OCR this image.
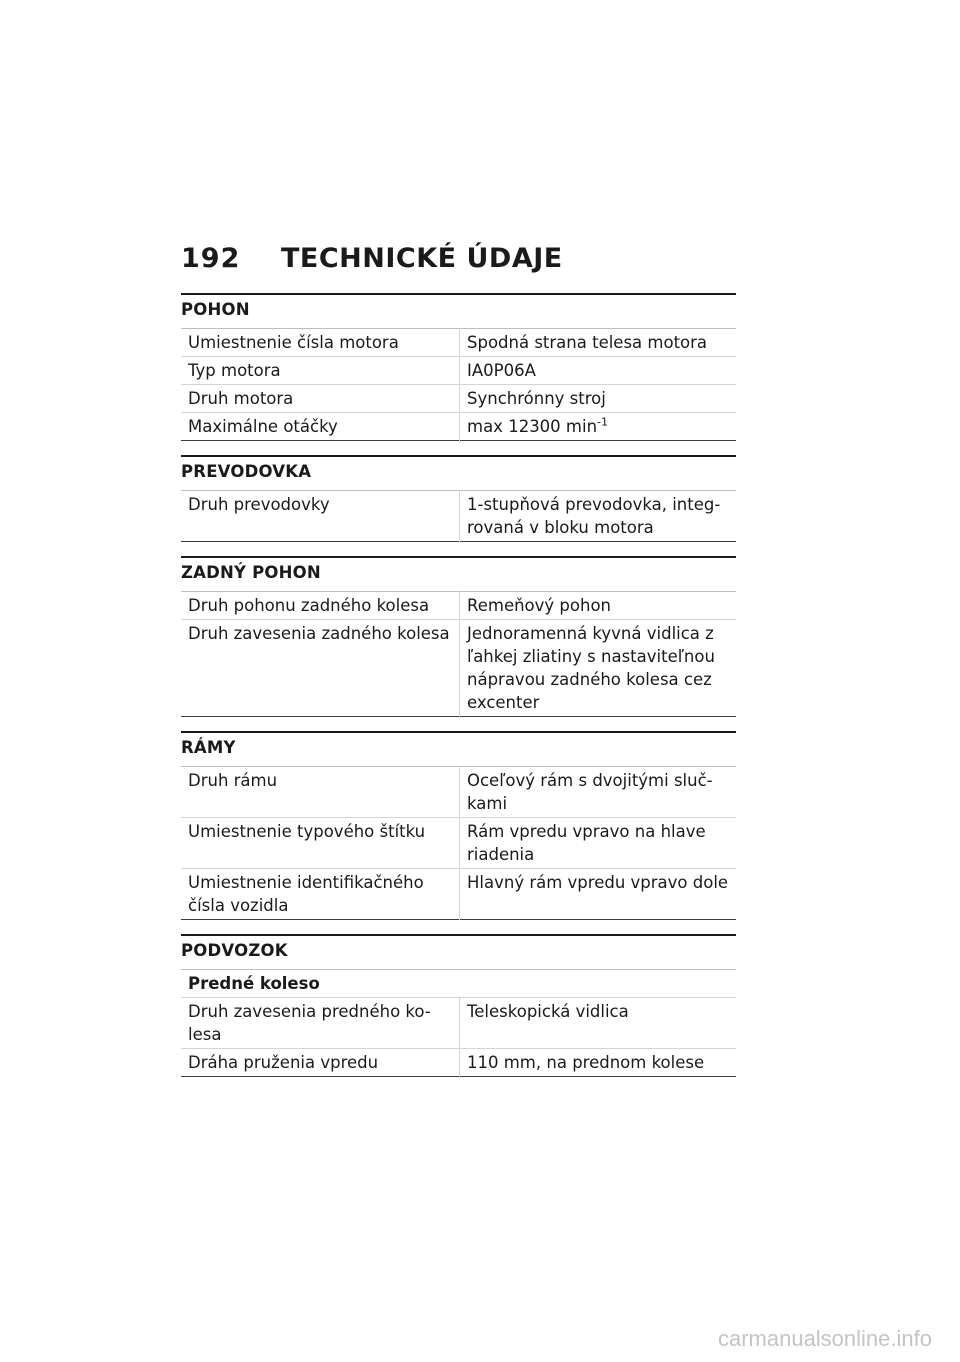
192	TECHNICKÉ ÚDAJE
POHON
Umiestnenie čísla motora	Spodná strana telesa motora
Typ motora	IA0P06A
Druh motora	Synchrónny stroj
Maximálne otáčky	max 12300 $\min^{-1}$
PREVODOVKA
Druh prevodovky	1-stupňová prevodovka, integ-rovaná v bloku motora
ZADNÝ POHON
Druh pohonu zadného kolesa	Remeňový pohon
Druh zavesenia zadného kolesa	Jednoramenná kyvná vidlica z ľahkej zliatiny s nastaviteľnou nápravou zadného kolesa cez excenter
RÁMY
Druh rámu	Oceľový rám s dvojitými sluč-kami
Umiestnenie typového štítku	Rám vpredu vpravo na hlave riadenia
Umiestnenie identifikačného čísla vozidla	Hlavný rám vpredu vpravo dole
PODVOZOK
Predné koleso	
Druh zavesenia predného ko-lesa	Teleskopická vidlica
Dráha pruženia vpredu	110 mm, na prednom kolese
carmanualsonline.info
